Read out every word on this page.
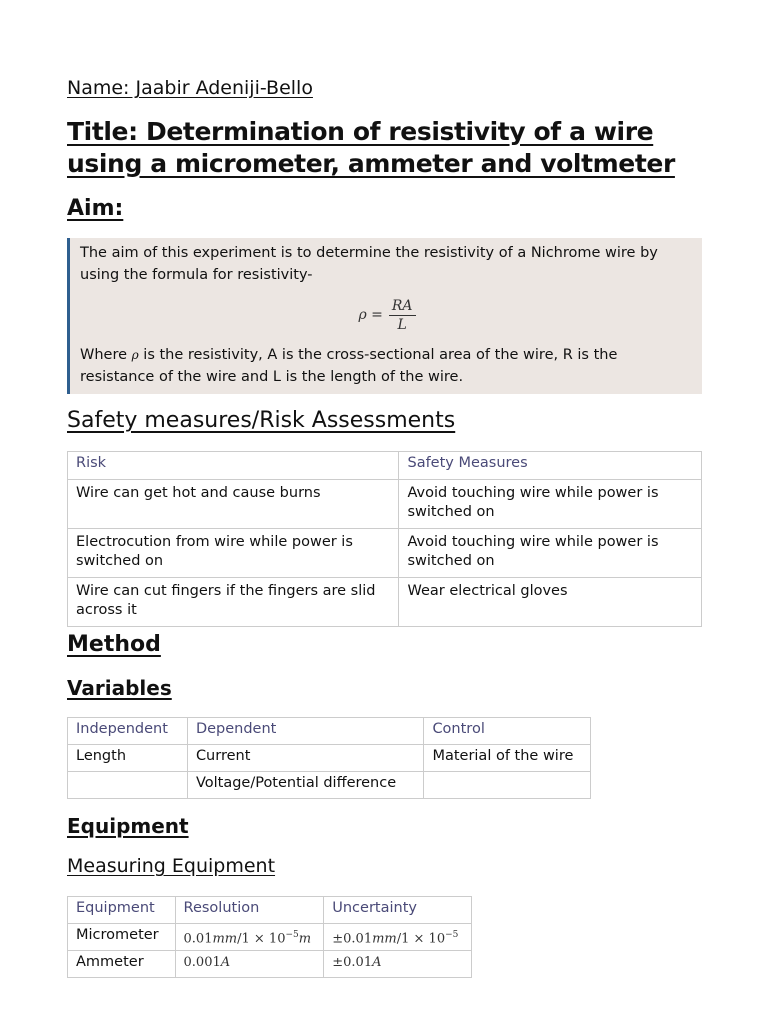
Name: Jaabir Adeniji-Bello
Title: Determination of resistivity of a wire using a micrometer, ammeter and voltmeter
Aim:
The aim of this experiment is to determine the resistivity of a Nichrome wire by using the formula for resistivity-
$\rho = \frac{RA}{L}$
Where ρ is the resistivity, A is the cross-sectional area of the wire, R is the resistance of the wire and L is the length of the wire.
Safety measures/Risk Assessments
Risk	Safety Measures
Wire can get hot and cause burns	Avoid touching wire while power is switched on
Electrocution from wire while power is switched on	Avoid touching wire while power is switched on
Wire can cut fingers if the fingers are slid across it	Wear electrical gloves
Method
Variables
Independent	Dependent	Control
Length	Current	Material of the wire
	Voltage/Potential difference	
Equipment
Measuring Equipment
Equipment	Resolution	Uncertainty
Micrometer	$0.01mm/1 \times 10^{-5}m$	$\pm 0.01mm/1 \times 10^{-5}$
Ammeter	0.001A	±0.01A
